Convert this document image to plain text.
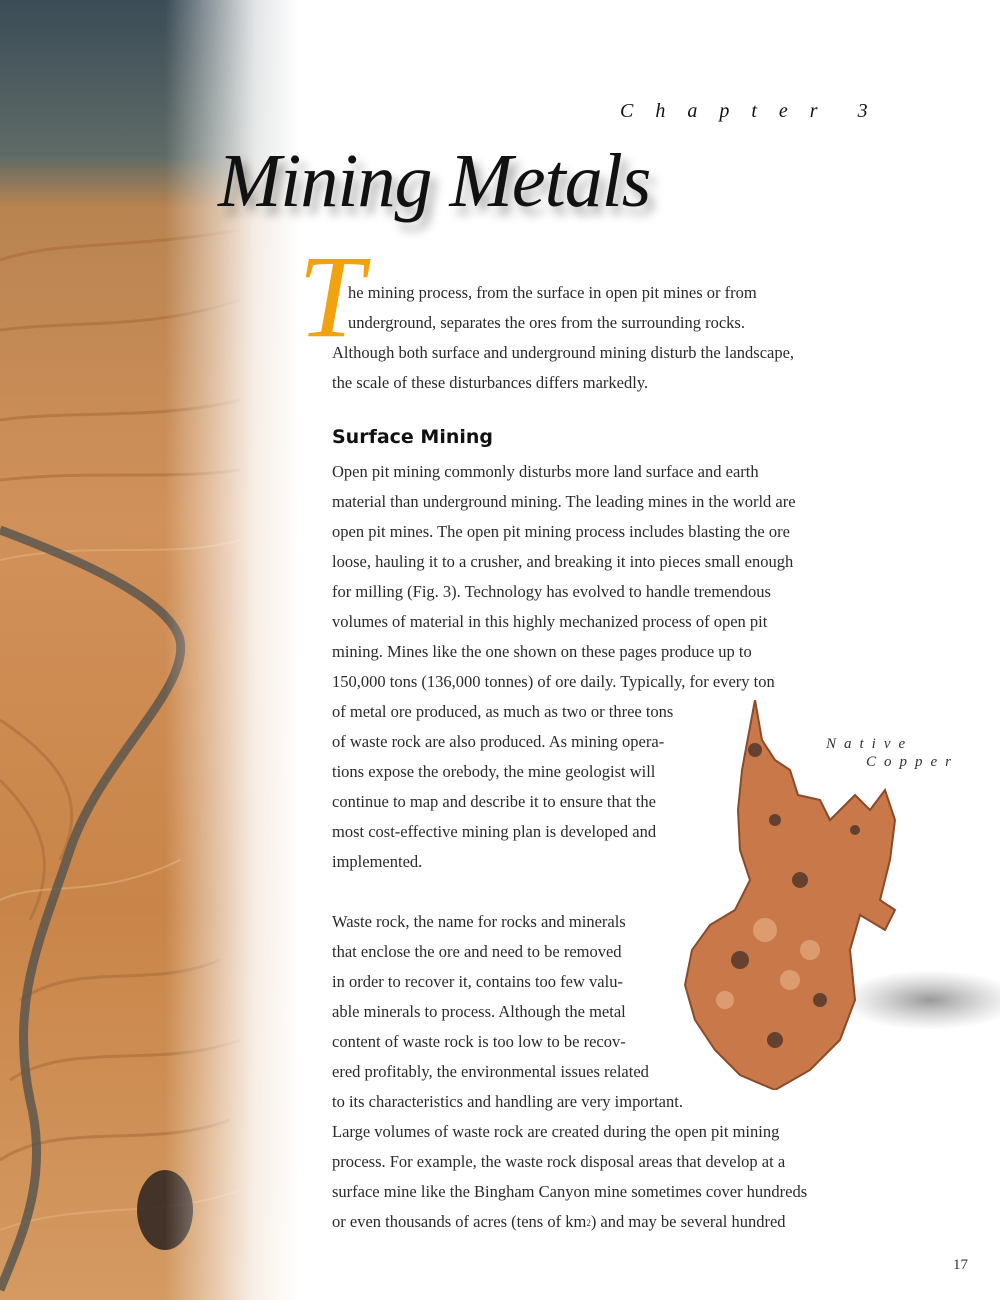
Chapter 3
Mining Metals
T
he mining process, from the surface in open pit mines or from
underground, separates the ores from the surrounding rocks.
Although both surface and underground mining disturb the landscape,
the scale of these disturbances differs markedly.
Surface Mining
Open pit mining commonly disturbs more land surface and earth
material than underground mining. The leading mines in the world are
open pit mines. The open pit mining process includes blasting the ore
loose, hauling it to a crusher, and breaking it into pieces small enough
for milling (Fig. 3). Technology has evolved to handle tremendous
volumes of material in this highly mechanized process of open pit
mining. Mines like the one shown on these pages produce up to
150,000 tons (136,000 tonnes) of ore daily. Typically, for every ton
of metal ore produced, as much as two or three tons
of waste rock are also produced. As mining opera-
tions expose the orebody, the mine geologist will
continue to map and describe it to ensure that the
most cost-effective mining plan is developed and
implemented.
Waste rock, the name for rocks and minerals
that enclose the ore and need to be removed
in order to recover it, contains too few valu-
able minerals to process. Although the metal
content of waste rock is too low to be recov-
ered profitably, the environmental issues related
to its characteristics and handling are very important.
Large volumes of waste rock are created during the open pit mining
process. For example, the waste rock disposal areas that develop at a
surface mine like the Bingham Canyon mine sometimes cover hundreds
or even thousands of acres (tens of $km^2$) and may be several hundred
Native
Copper
17
